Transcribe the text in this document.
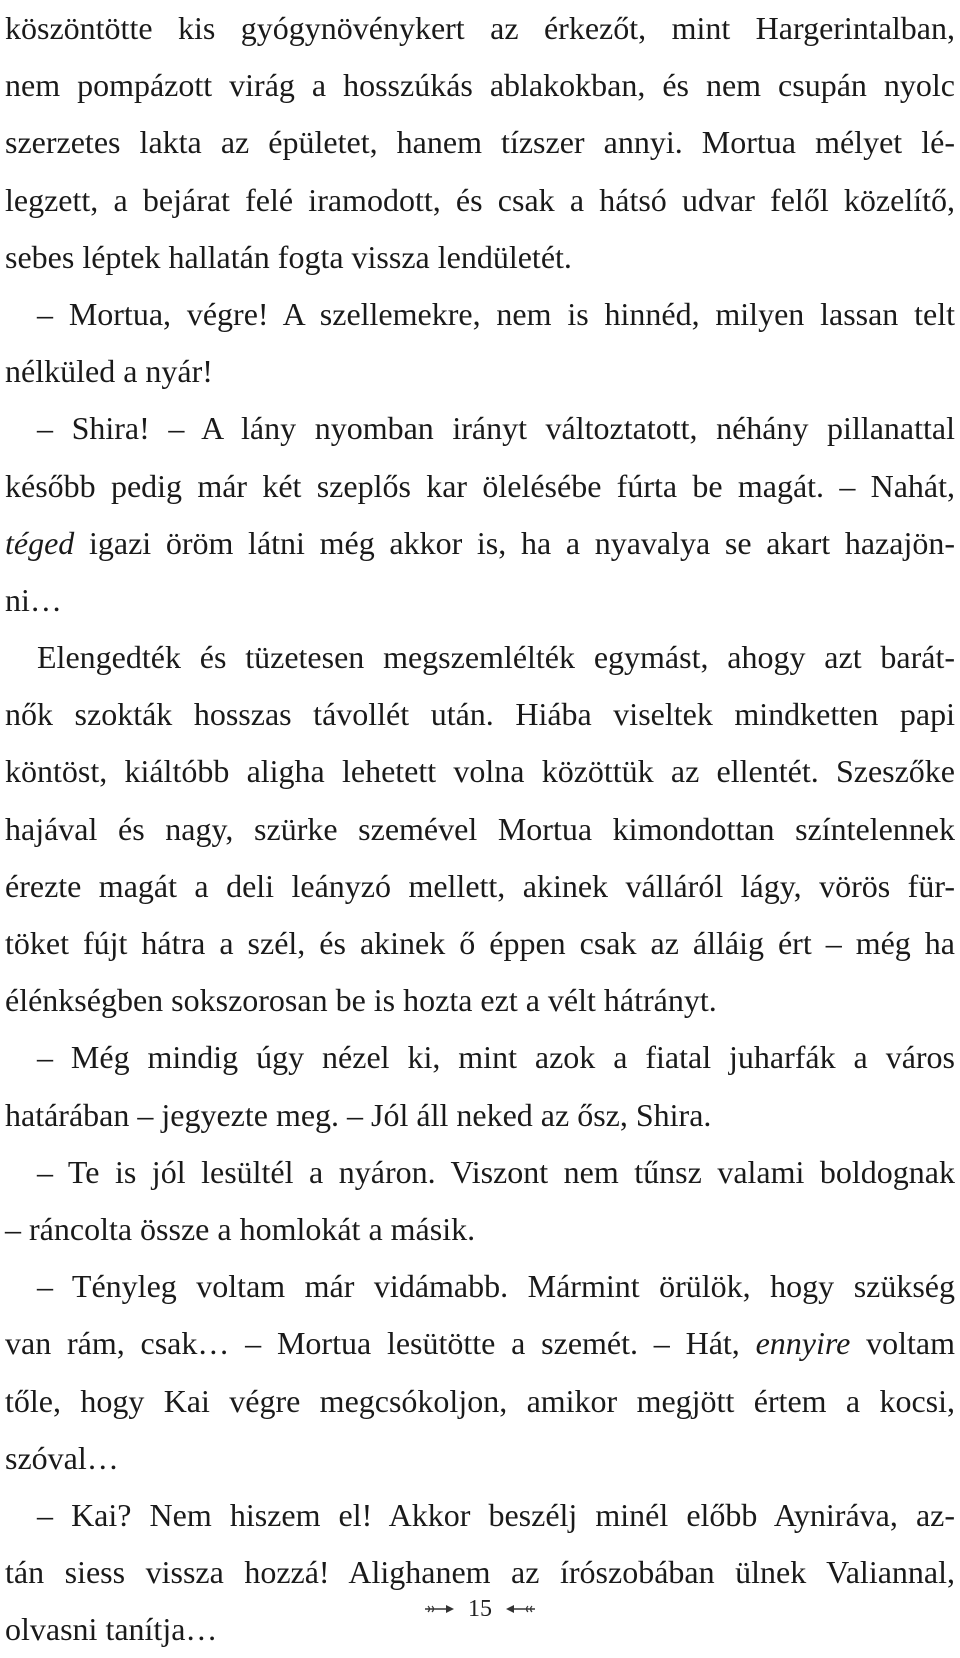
köszöntötte kis gyógynövénykert az érkezőt, mint Hargerintalban,
nem pompázott virág a hosszúkás ablakokban, és nem csupán nyolc
szerzetes lakta az épületet, hanem tízszer annyi. Mortua mélyet lé-
legzett, a bejárat felé iramodott, és csak a hátsó udvar felől közelítő,
sebes léptek hallatán fogta vissza lendületét.
– Mortua, végre! A szellemekre, nem is hinnéd, milyen lassan telt
nélküled a nyár!
– Shira! – A lány nyomban irányt változtatott, néhány pillanattal
később pedig már két szeplős kar ölelésébe fúrta be magát. – Nahát,
téged igazi öröm látni még akkor is, ha a nyavalya se akart hazajön-
ni…
Elengedték és tüzetesen megszemlélték egymást, ahogy azt barát-
nők szokták hosszas távollét után. Hiába viseltek mindketten papi
köntöst, kiáltóbb aligha lehetett volna közöttük az ellentét. Szeszőke
hajával és nagy, szürke szemével Mortua kimondottan színtelennek
érezte magát a deli leányzó mellett, akinek válláról lágy, vörös für-
töket fújt hátra a szél, és akinek ő éppen csak az álláig ért – még ha
élénkségben sokszorosan be is hozta ezt a vélt hátrányt.
– Még mindig úgy nézel ki, mint azok a fiatal juharfák a város
határában – jegyezte meg. – Jól áll neked az ősz, Shira.
– Te is jól lesültél a nyáron. Viszont nem tűnsz valami boldognak
– ráncolta össze a homlokát a másik.
– Tényleg voltam már vidámabb. Mármint örülök, hogy szükség
van rám, csak… – Mortua lesütötte a szemét. – Hát, ennyire voltam
tőle, hogy Kai végre megcsókoljon, amikor megjött értem a kocsi,
szóval…
– Kai? Nem hiszem el! Akkor beszélj minél előbb Ayniráva, az-
tán siess vissza hozzá! Alighanem az írószobában ülnek Valiannal,
olvasni tanítja…
15
